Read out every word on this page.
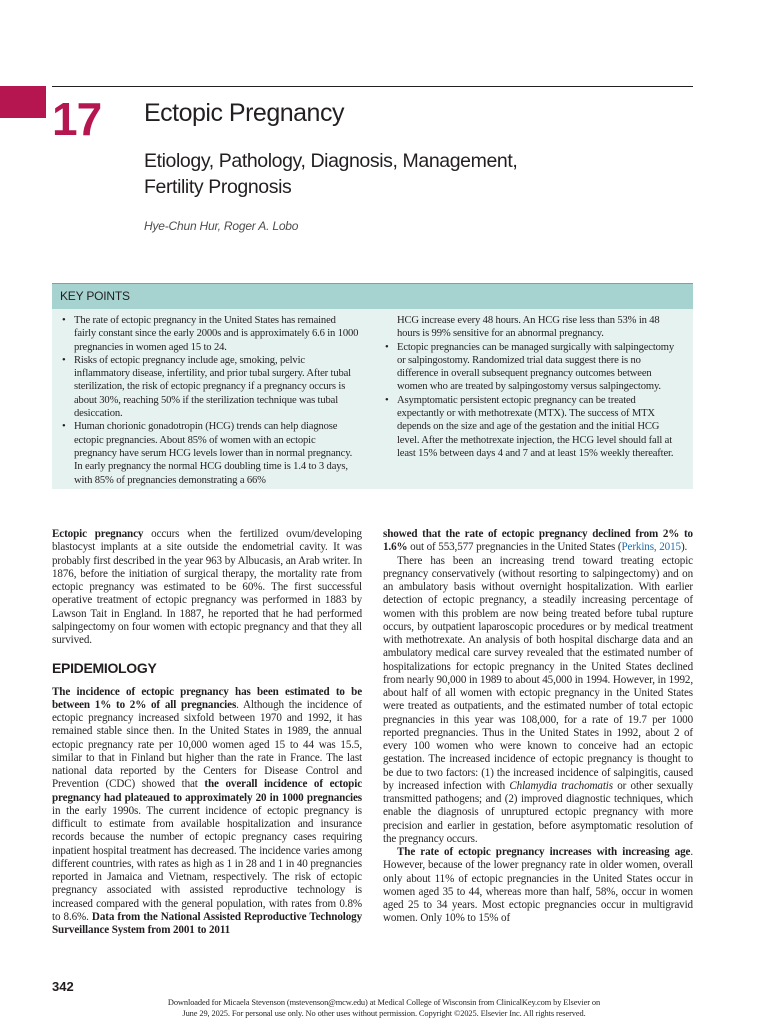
17 Ectopic Pregnancy
Etiology, Pathology, Diagnosis, Management,
Fertility Prognosis
Hye-Chun Hur, Roger A. Lobo
KEY POINTS
• The rate of ectopic pregnancy in the United States has remained fairly constant since the early 2000s and is approximately 6.6 in 1000 pregnancies in women aged 15 to 24.
• Risks of ectopic pregnancy include age, smoking, pelvic inflammatory disease, infertility, and prior tubal surgery. After tubal sterilization, the risk of ectopic pregnancy if a pregnancy occurs is about 30%, reaching 50% if the sterilization technique was tubal desiccation.
• Human chorionic gonadotropin (HCG) trends can help diagnose ectopic pregnancies. About 85% of women with an ectopic pregnancy have serum HCG levels lower than in normal pregnancy. In early pregnancy the normal HCG doubling time is 1.4 to 3 days, with 85% of pregnancies demonstrating a 66%
HCG increase every 48 hours. An HCG rise less than 53% in 48 hours is 99% sensitive for an abnormal pregnancy.
• Ectopic pregnancies can be managed surgically with salpingectomy or salpingostomy. Randomized trial data suggest there is no difference in overall subsequent pregnancy outcomes between women who are treated by salpingostomy versus salpingectomy.
• Asymptomatic persistent ectopic pregnancy can be treated expectantly or with methotrexate (MTX). The success of MTX depends on the size and age of the gestation and the initial HCG level. After the methotrexate injection, the HCG level should fall at least 15% between days 4 and 7 and at least 15% weekly thereafter.

Ectopic pregnancy occurs when the fertilized ovum/developing blastocyst implants at a site outside the endometrial cavity. It was probably first described in the year 963 by Albucasis, an Arab writer. In 1876, before the initiation of surgical therapy, the mortality rate from ectopic pregnancy was estimated to be 60%. The first successful operative treatment of ectopic pregnancy was performed in 1883 by Lawson Tait in England. In 1887, he reported that he had performed salpingectomy on four women with ectopic pregnancy and that they all survived.

EPIDEMIOLOGY

The incidence of ectopic pregnancy has been estimated to be between 1% to 2% of all pregnancies. Although the incidence of ectopic pregnancy increased sixfold between 1970 and 1992, it has remained stable since then. In the United States in 1989, the annual ectopic pregnancy rate per 10,000 women aged 15 to 44 was 15.5, similar to that in Finland but higher than the rate in France. The last national data reported by the Centers for Disease Control and Prevention (CDC) showed that the overall incidence of ectopic pregnancy had plateaued to approximately 20 in 1000 pregnancies in the early 1990s. The current incidence of ectopic pregnancy is difficult to estimate from available hospitalization and insurance records because the number of ectopic pregnancy cases requiring inpatient hospital treatment has decreased. The incidence varies among different countries, with rates as high as 1 in 28 and 1 in 40 pregnancies reported in Jamaica and Vietnam, respectively. The risk of ectopic pregnancy associated with assisted reproductive technology is increased compared with the general population, with rates from 0.8% to 8.6%. Data from the National Assisted Reproductive Technology Surveillance System from 2001 to 2011

showed that the rate of ectopic pregnancy declined from 2% to 1.6% out of 553,577 pregnancies in the United States (Perkins, 2015).

There has been an increasing trend toward treating ectopic pregnancy conservatively (without resorting to salpingectomy) and on an ambulatory basis without overnight hospitalization. With earlier detection of ectopic pregnancy, a steadily increasing percentage of women with this problem are now being treated before tubal rupture occurs, by outpatient laparoscopic procedures or by medical treatment with methotrexate. An analysis of both hospital discharge data and an ambulatory medical care survey revealed that the estimated number of hospitalizations for ectopic pregnancy in the United States declined from nearly 90,000 in 1989 to about 45,000 in 1994. However, in 1992, about half of all women with ectopic pregnancy in the United States were treated as outpatients, and the estimated number of total ectopic pregnancies in this year was 108,000, for a rate of 19.7 per 1000 reported pregnancies. Thus in the United States in 1992, about 2 of every 100 women who were known to conceive had an ectopic gestation. The increased incidence of ectopic pregnancy is thought to be due to two factors: (1) the increased incidence of salpingitis, caused by increased infection with Chlamydia trachomatis or other sexually transmitted pathogens; and (2) improved diagnostic techniques, which enable the diagnosis of unruptured ectopic pregnancy with more precision and earlier in gestation, before asymptomatic resolution of the pregnancy occurs.

The rate of ectopic pregnancy increases with increasing age. However, because of the lower pregnancy rate in older women, overall only about 11% of ectopic pregnancies in the United States occur in women aged 35 to 44, whereas more than half, 58%, occur in women aged 25 to 34 years. Most ectopic pregnancies occur in multigravid women. Only 10% to 15% of

342
Downloaded for Micaela Stevenson (mstevenson@mcw.edu) at Medical College of Wisconsin from ClinicalKey.com by Elsevier on
June 29, 2025. For personal use only. No other uses without permission. Copyright ©2025. Elsevier Inc. All rights reserved.
